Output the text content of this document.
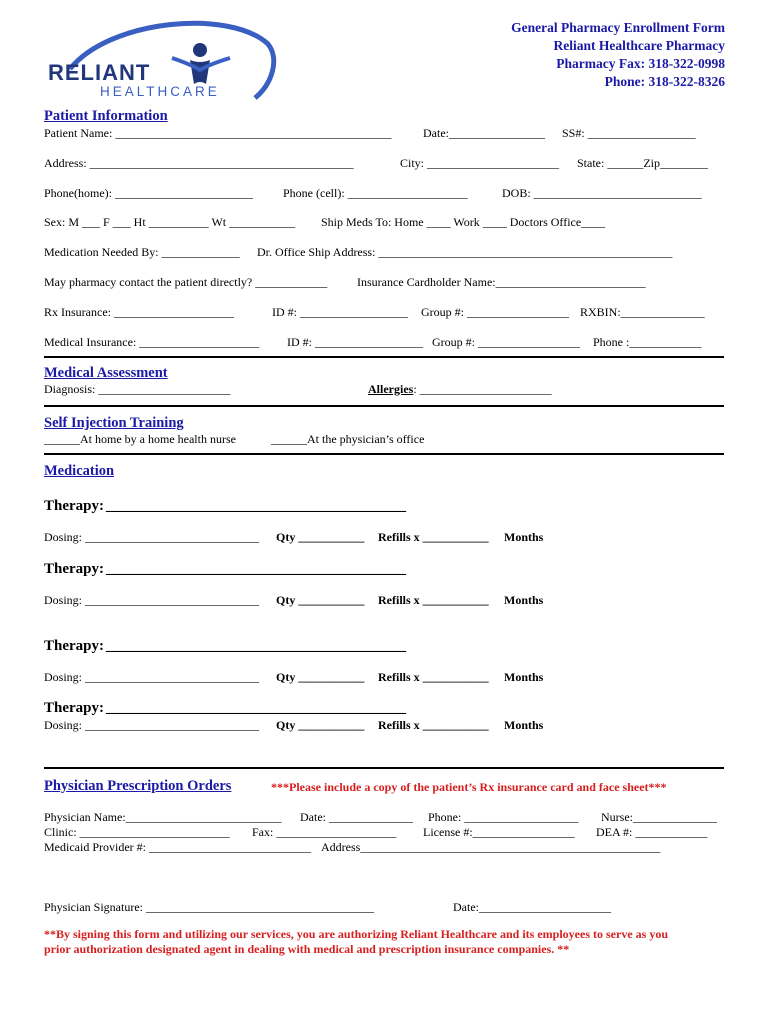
RELIANT
HEALTHCARE
General Pharmacy Enrollment Form
Reliant Healthcare Pharmacy
Pharmacy Fax: 318-322-0998
Phone: 318-322-8326
Patient Information
Patient Name: ______________________________________________	Date:________________ SS#: __________________
Address: ____________________________________________	City: ______________________ State: ______Zip________
Phone(home): _______________________	Phone (cell): ____________________	DOB: ____________________________
Sex: M ___ F ___ Ht __________ Wt ___________ Ship Meds To: Home ____ Work ____ Doctors Office____
Medication Needed By: _____________ Dr. Office Ship Address: _________________________________________________
May pharmacy contact the patient directly? ____________ Insurance Cardholder Name:_________________________
Rx Insurance: ____________________	ID #: __________________ Group #: _________________ RXBIN:______________
Medical Insurance: ____________________ ID #: __________________ Group #: _________________ Phone :____________
Medical Assessment
Diagnosis: ______________________	Allergies: ______________________
Self Injection Training
______At home by a home health nurse	______At the physician’s office
Medication
Therapy: ________________________________________
Dosing: _____________________________ Qty ___________ Refills x ___________ Months
Therapy: ________________________________________
Dosing: _____________________________ Qty ___________ Refills x ___________ Months
Therapy: ________________________________________
Dosing: _____________________________ Qty ___________ Refills x ___________ Months
Therapy: ________________________________________
Dosing: _____________________________ Qty ___________ Refills x ___________ Months
Physician Prescription Orders	***Please include a copy of the patient’s Rx insurance card and face sheet***
Physician Name:__________________________ Date: ______________ Phone: ___________________ Nurse:______________
Clinic: _________________________ Fax: ____________________ License #:_________________ DEA #: ____________
Medicaid Provider #: ___________________________ Address__________________________________________________
Physician Signature: ______________________________________	Date:______________________
**By signing this form and utilizing our services, you are authorizing Reliant Healthcare and its employees to serve as you
prior authorization designated agent in dealing with medical and prescription insurance companies. **
